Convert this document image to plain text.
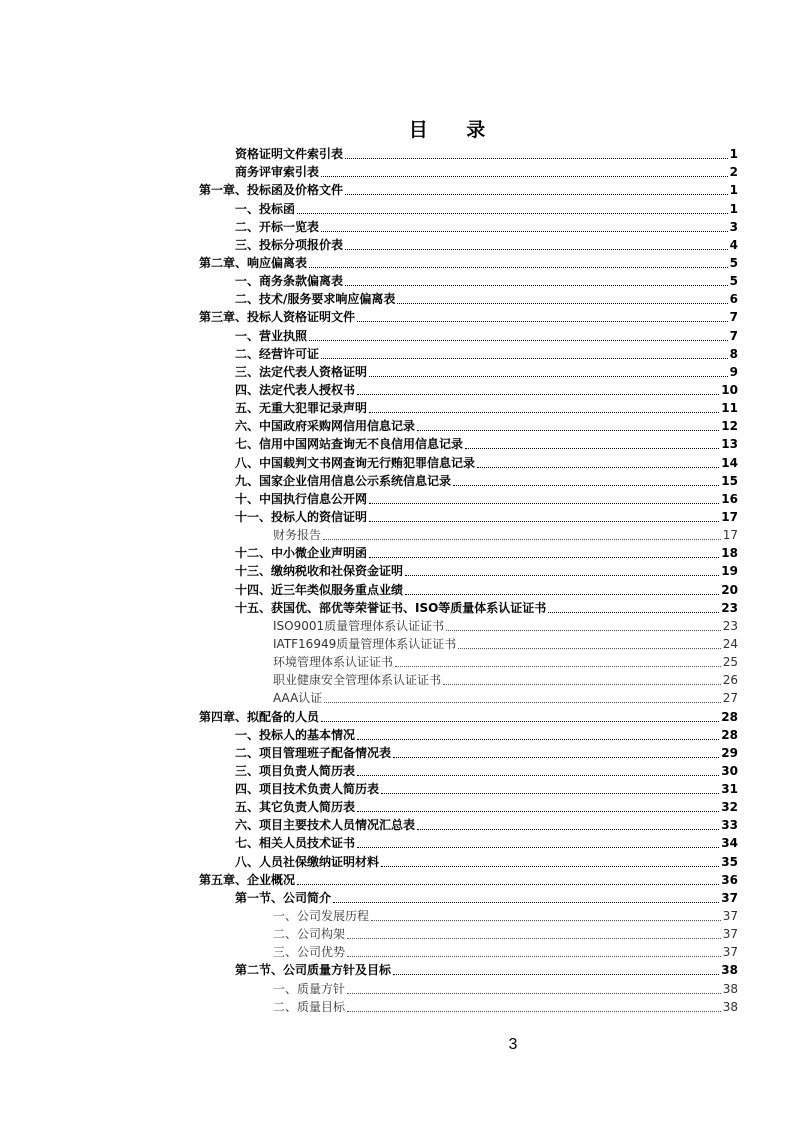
目 录
资格证明文件索引表	1
商务评审索引表	2
第一章、投标函及价格文件	1
一、投标函	1
二、开标一览表	3
三、投标分项报价表	4
第二章、响应偏离表	5
一、商务条款偏离表	5
二、技术/服务要求响应偏离表	6
第三章、投标人资格证明文件	7
一、营业执照	7
二、经营许可证	8
三、法定代表人资格证明	9
四、法定代表人授权书	10
五、无重大犯罪记录声明	11
六、中国政府采购网信用信息记录	12
七、信用中国网站查询无不良信用信息记录	13
八、中国载判文书网查询无行贿犯罪信息记录	14
九、国家企业信用信息公示系统信息记录	15
十、中国执行信息公开网	16
十一、投标人的资信证明	17
财务报告	17
十二、中小微企业声明函	18
十三、缴纳税收和社保资金证明	19
十四、近三年类似服务重点业绩	20
十五、获国优、部优等荣誉证书、ISO等质量体系认证证书	23
ISO9001质量管理体系认证证书	23
IATF16949质量管理体系认证证书	24
环境管理体系认证证书	25
职业健康安全管理体系认证证书	26
AAA认证	27
第四章、拟配备的人员	28
一、投标人的基本情况	28
二、项目管理班子配备情况表	29
三、项目负责人简历表	30
四、项目技术负责人简历表	31
五、其它负责人简历表	32
六、项目主要技术人员情况汇总表	33
七、相关人员技术证书	34
八、人员社保缴纳证明材料	35
第五章、企业概况	36
第一节、公司简介	37
一、公司发展历程	37
二、公司构架	37
三、公司优势	37
第二节、公司质量方针及目标	38
一、质量方针	38
二、质量目标	38
3
